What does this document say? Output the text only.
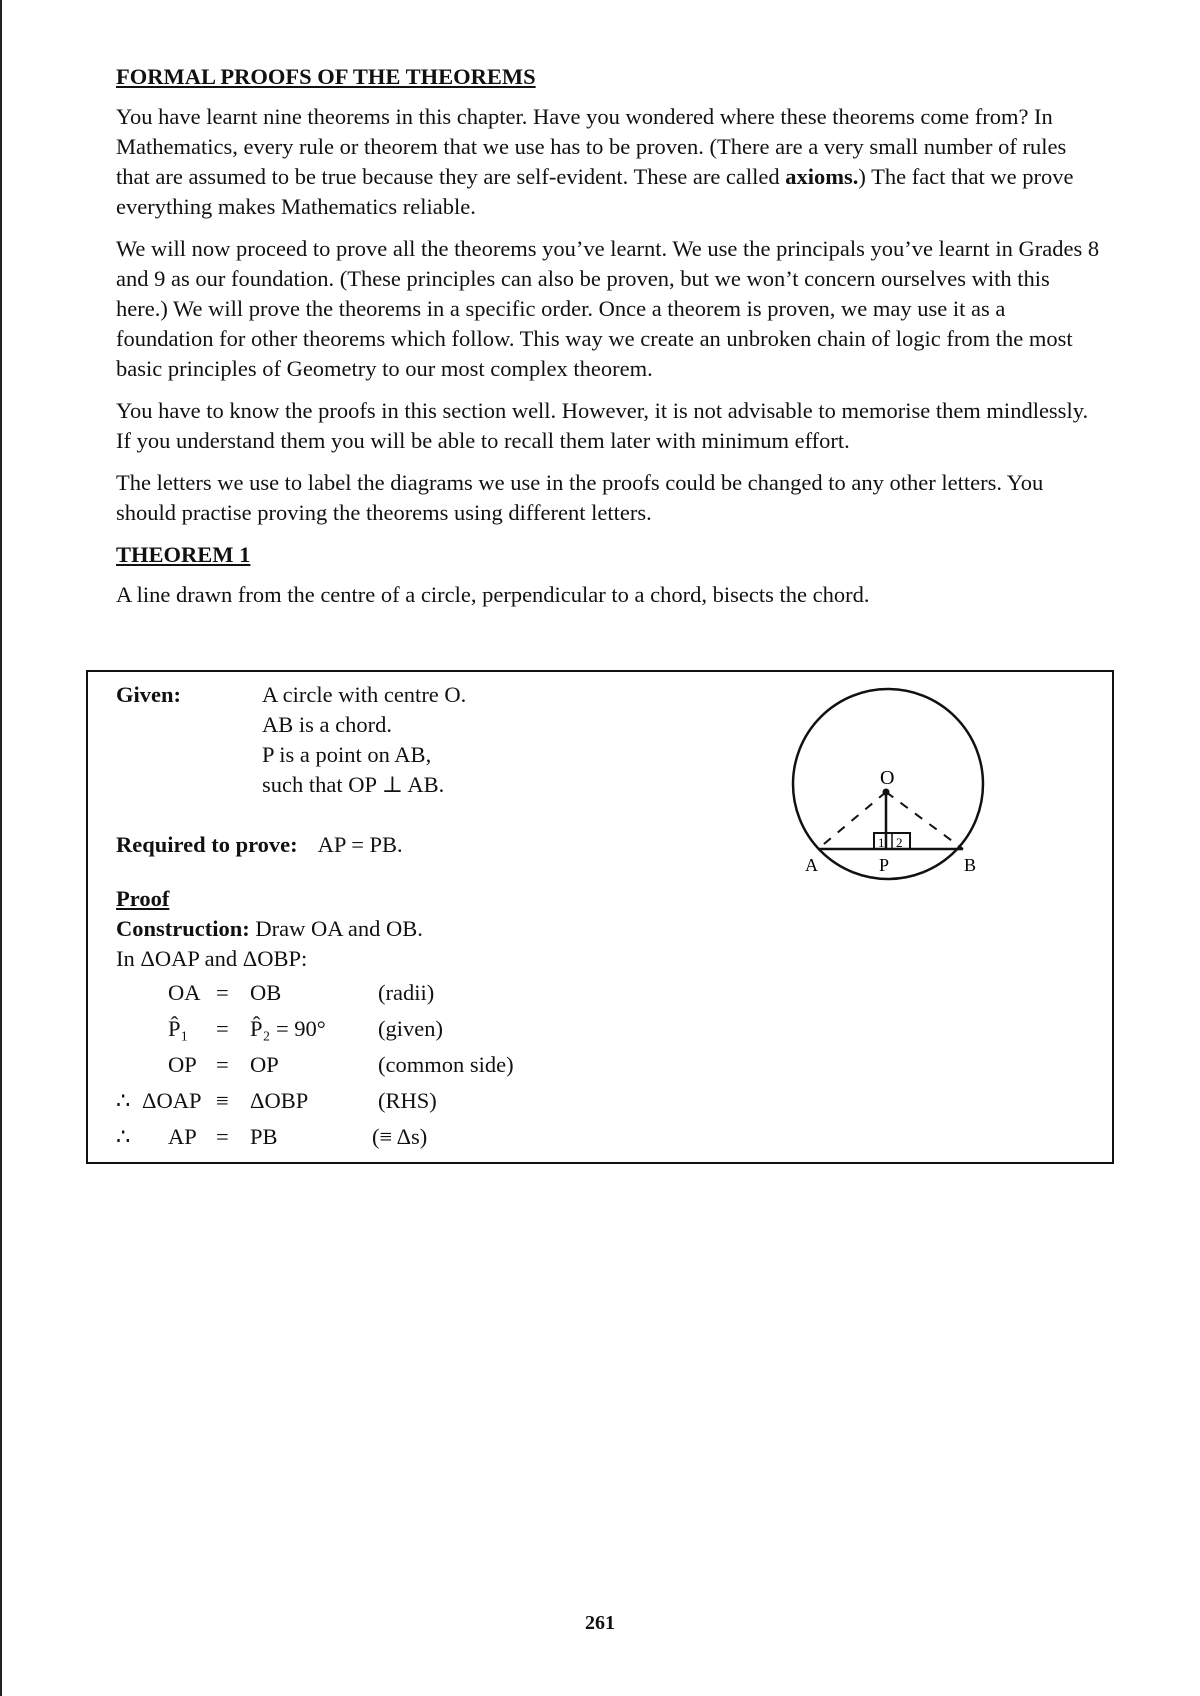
FORMAL PROOFS OF THE THEOREMS

You have learnt nine theorems in this chapter. Have you wondered where these theorems come from? In Mathematics, every rule or theorem that we use has to be proven. (There are a very small number of rules that are assumed to be true because they are self-evident. These are called axioms.) The fact that we prove everything makes Mathematics reliable.

We will now proceed to prove all the theorems you’ve learnt. We use the principals you’ve learnt in Grades 8 and 9 as our foundation. (These principles can also be proven, but we won’t concern ourselves with this here.) We will prove the theorems in a specific order. Once a theorem is proven, we may use it as a foundation for other theorems which follow. This way we create an unbroken chain of logic from the most basic principles of Geometry to our most complex theorem.

You have to know the proofs in this section well. However, it is not advisable to memorise them mindlessly. If you understand them you will be able to recall them later with minimum effort.

The letters we use to label the diagrams we use in the proofs could be changed to any other letters. You should practise proving the theorems using different letters.

THEOREM 1

A line drawn from the centre of a circle, perpendicular to a chord, bisects the chord.

Given:	A circle with centre O.
AB is a chord.
P is a point on AB,
such that OP ⊥ AB.
Required to prove: AP = PB.
Proof
Construction: Draw OA and OB.
In ΔOAP and ΔOBP:
OA = OB	(radii)
P̂₁ = P̂₂ = 90° (given)
OP = OP	(common side)
∴ ΔOAP ≡ ΔOBP	(RHS)
∴ AP = PB	(≡ Δs)
O
A	P	B
1 2
261
